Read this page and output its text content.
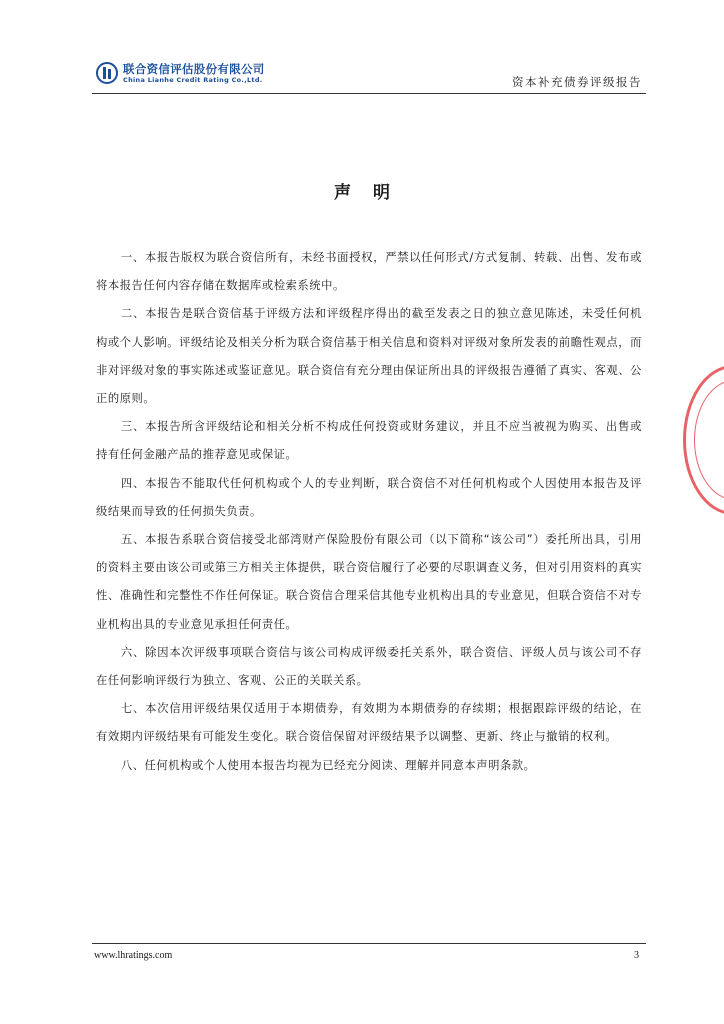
联合资信评估股份有限公司
China Lianhe Credit Rating Co.,Ltd.	资本补充债券评级报告
声明

一、本报告版权为联合资信所有，未经书面授权，严禁以任何形式/方式复制、转载、出售、发布或将本报告任何内容存储在数据库或检索系统中。

二、本报告是联合资信基于评级方法和评级程序得出的截至发表之日的独立意见陈述，未受任何机构或个人影响。评级结论及相关分析为联合资信基于相关信息和资料对评级对象所发表的前瞻性观点，而非对评级对象的事实陈述或鉴证意见。联合资信有充分理由保证所出具的评级报告遵循了真实、客观、公正的原则。

三、本报告所含评级结论和相关分析不构成任何投资或财务建议，并且不应当被视为购买、出售或持有任何金融产品的推荐意见或保证。

四、本报告不能取代任何机构或个人的专业判断，联合资信不对任何机构或个人因使用本报告及评级结果而导致的任何损失负责。

五、本报告系联合资信接受北部湾财产保险股份有限公司（以下简称“该公司”）委托所出具，引用的资料主要由该公司或第三方相关主体提供，联合资信履行了必要的尽职调查义务，但对引用资料的真实性、准确性和完整性不作任何保证。联合资信合理采信其他专业机构出具的专业意见，但联合资信不对专业机构出具的专业意见承担任何责任。

六、除因本次评级事项联合资信与该公司构成评级委托关系外，联合资信、评级人员与该公司不存在任何影响评级行为独立、客观、公正的关联关系。

七、本次信用评级结果仅适用于本期债券，有效期为本期债券的存续期；根据跟踪评级的结论，在有效期内评级结果有可能发生变化。联合资信保留对评级结果予以调整、更新、终止与撤销的权利。

八、任何机构或个人使用本报告均视为已经充分阅读、理解并同意本声明条款。

www.lhratings.com	3
